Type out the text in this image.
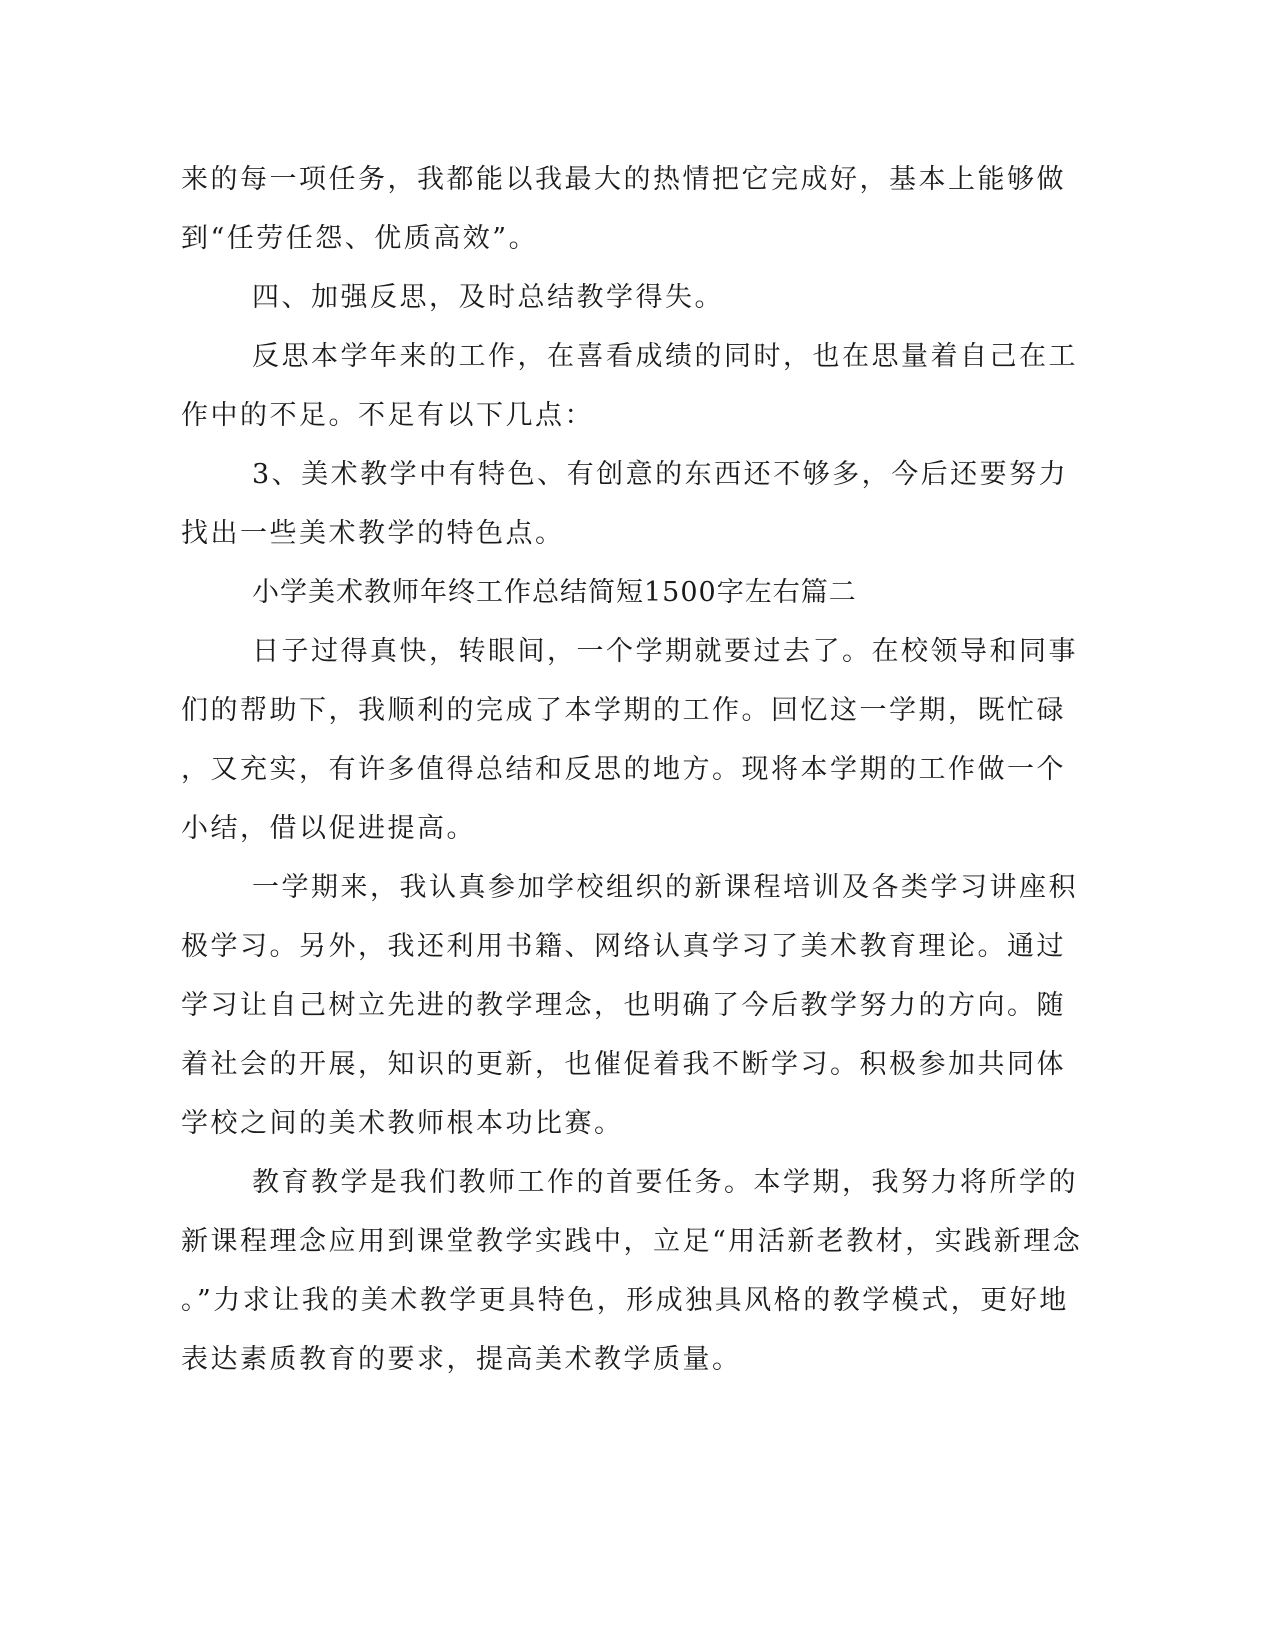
来的每一项任务，我都能以我最大的热情把它完成好，基本上能够做

到“任劳任怨、优质高效”。

四、加强反思，及时总结教学得失。

反思本学年来的工作，在喜看成绩的同时，也在思量着自己在工

作中的不足。不足有以下几点：

3、美术教学中有特色、有创意的东西还不够多，今后还要努力

找出一些美术教学的特色点。

小学美术教师年终工作总结简短1500字左右篇二

日子过得真快，转眼间，一个学期就要过去了。在校领导和同事

们的帮助下，我顺利的完成了本学期的工作。回忆这一学期，既忙碌

，又充实，有许多值得总结和反思的地方。现将本学期的工作做一个

小结，借以促进提高。

一学期来，我认真参加学校组织的新课程培训及各类学习讲座积

极学习。另外，我还利用书籍、网络认真学习了美术教育理论。通过

学习让自己树立先进的教学理念，也明确了今后教学努力的方向。随

着社会的开展，知识的更新，也催促着我不断学习。积极参加共同体

学校之间的美术教师根本功比赛。

教育教学是我们教师工作的首要任务。本学期，我努力将所学的

新课程理念应用到课堂教学实践中，立足“用活新老教材，实践新理念

。”力求让我的美术教学更具特色，形成独具风格的教学模式，更好地

表达素质教育的要求，提高美术教学质量。
